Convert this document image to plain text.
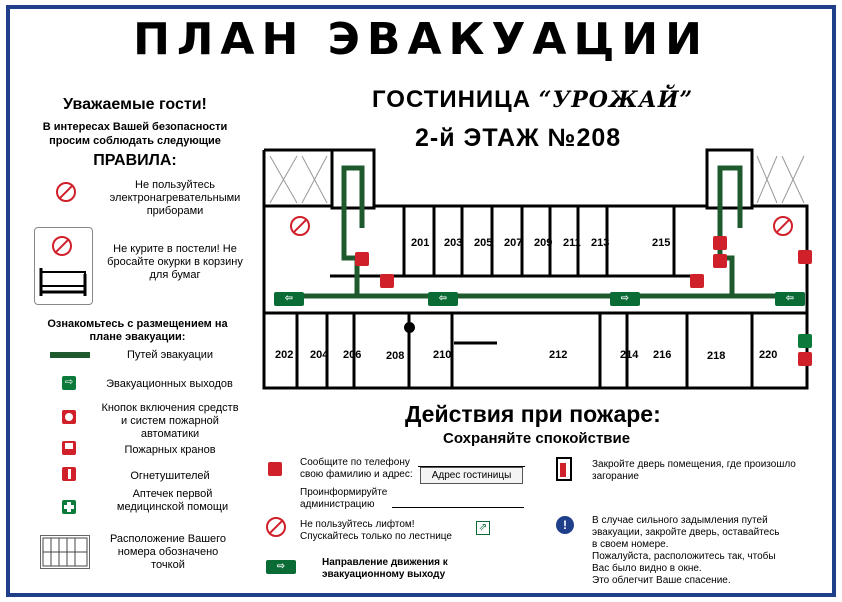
ПЛАН ЭВАКУАЦИИ
ГОСТИНИЦА “УРОЖАЙ”
2-й ЭТАЖ №208
Уважаемые гости!
В интересах Вашей безопасности
просим соблюдать следующие
ПРАВИЛА:
Не пользуйтесь электронагревательными приборами
Не курите в постели! Не бросайте окурки в корзину для бумаг
Ознакомьтесь с размещением на плане эвакуации:
Путей эвакуации
⇨	Эвакуационных выходов
Кнопок включения средств и систем пожарной автоматики
Пожарных кранов
Огнетушителей
Аптечек первой медицинской помощи
Расположение Вашего номера обозначено точкой
201 203 205 207 209 211 213	215
202 204 206 208	210	212	214 216	218	220
⇦	⇦	⇨	⇦
Действия при пожаре:
Сохраняйте спокойствие
Сообщите по телефону
свою фамилию и адрес:	Адрес гостиницы
Проинформируйте
администрацию
Не пользуйтесь лифтом!
Спускайтесь только по лестнице
⇗
⇨	Направление движения к
эвакуационному выходу
Закройте дверь помещения, где произошло загорание
!	В случае сильного задымления путей
эвакуации, закройте дверь, оставайтесь
в своем номере.
Пожалуйста, расположитесь так, чтобы
Вас было видно в окне.
Это облегчит Ваше спасение.
